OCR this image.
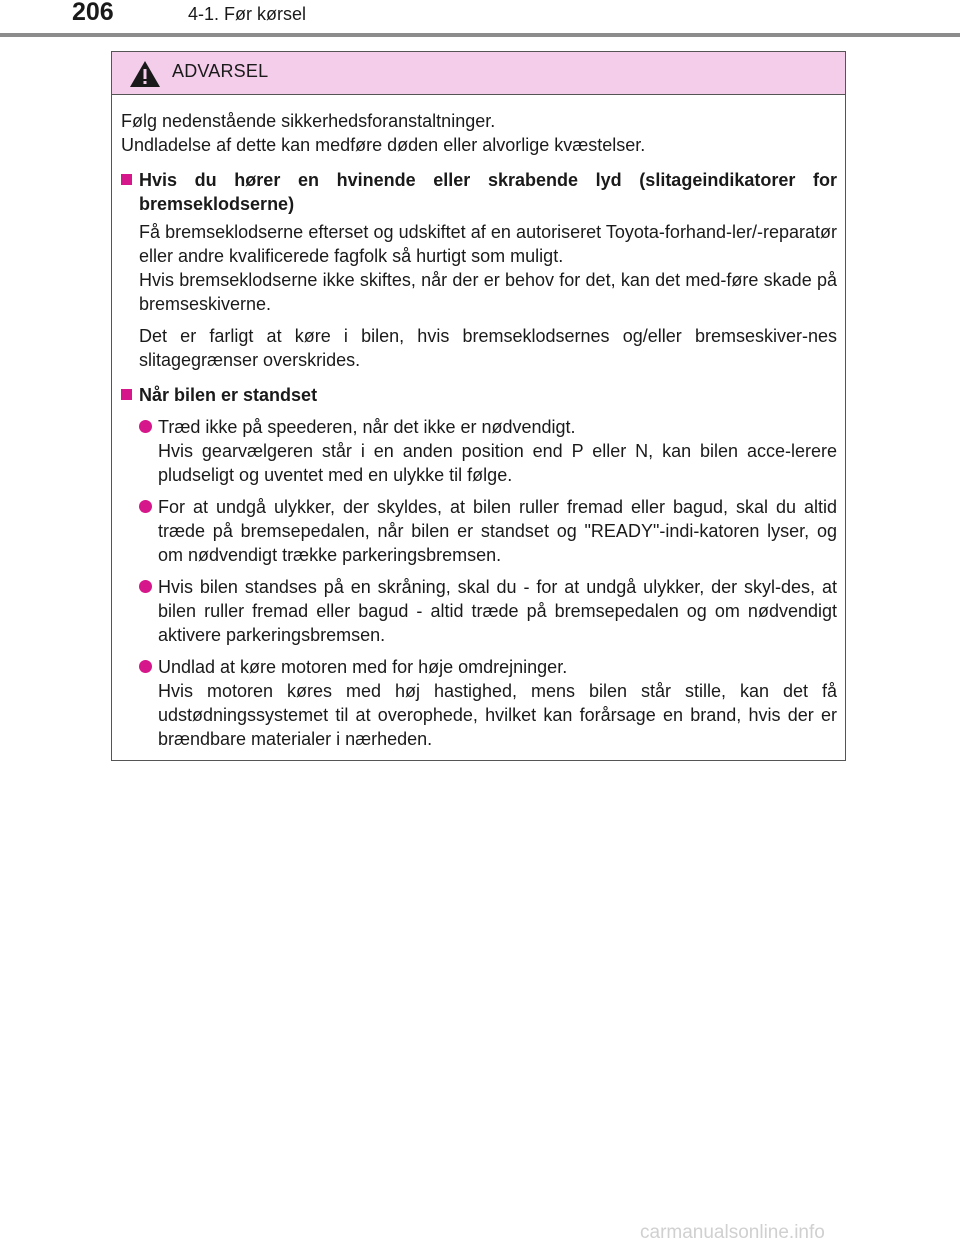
206	4-1. Før kørsel
ADVARSEL

Følg nedenstående sikkerhedsforanstaltninger.

Undladelse af dette kan medføre døden eller alvorlige kvæstelser.

Hvis du hører en hvinende eller skrabende lyd (slitageindikatorer for bremseklodserne)
Få bremseklodserne efterset og udskiftet af en autoriseret Toyota-forhand-ler/-reparatør eller andre kvalificerede fagfolk så hurtigt som muligt.
Hvis bremseklodserne ikke skiftes, når der er behov for det, kan det med-føre skade på bremseskiverne.
Det er farligt at køre i bilen, hvis bremseklodsernes og/eller bremseskiver-nes slitagegrænser overskrides.
Når bilen er standset

Træd ikke på speederen, når det ikke er nødvendigt.

Hvis gearvælgeren står i en anden position end P eller N, kan bilen acce-lerere pludseligt og uventet med en ulykke til følge.

For at undgå ulykker, der skyldes, at bilen ruller fremad eller bagud, skal du altid træde på bremsepedalen, når bilen er standset og "READY"-indi-katoren lyser, og om nødvendigt trække parkeringsbremsen.

Hvis bilen standses på en skråning, skal du - for at undgå ulykker, der skyl-des, at bilen ruller fremad eller bagud - altid træde på bremsepedalen og om nødvendigt aktivere parkeringsbremsen.

Undlad at køre motoren med for høje omdrejninger.

Hvis motoren køres med høj hastighed, mens bilen står stille, kan det få udstødningssystemet til at overophede, hvilket kan forårsage en brand, hvis der er brændbare materialer i nærheden.

carmanualsonline.info
